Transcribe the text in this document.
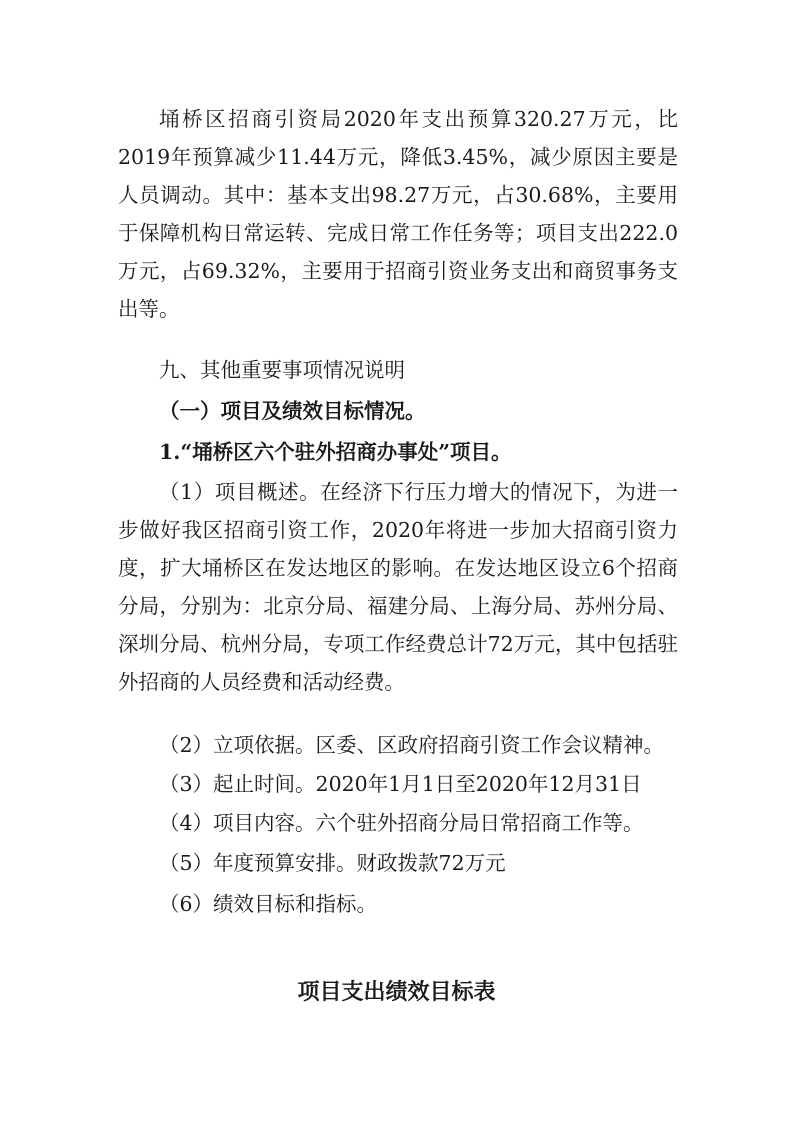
埇桥区招商引资局2020年支出预算320.27万元，比2019年预算减少11.44万元，降低3.45%，减少原因主要是人员调动。其中：基本支出98.27万元，占30.68%，主要用于保障机构日常运转、完成日常工作任务等；项目支出222.0万元，占69.32%，主要用于招商引资业务支出和商贸事务支出等。

九、其他重要事项情况说明

（一）项目及绩效目标情况。

1.“埇桥区六个驻外招商办事处”项目。

（1）项目概述。在经济下行压力增大的情况下，为进一步做好我区招商引资工作，2020年将进一步加大招商引资力度，扩大埇桥区在发达地区的影响。在发达地区设立6个招商分局，分别为：北京分局、福建分局、上海分局、苏州分局、深圳分局、杭州分局，专项工作经费总计72万元，其中包括驻外招商的人员经费和活动经费。

（2）立项依据。区委、区政府招商引资工作会议精神。

（3）起止时间。2020年1月1日至2020年12月31日

（4）项目内容。六个驻外招商分局日常招商工作等。

（5）年度预算安排。财政拨款72万元

（6）绩效目标和指标。

项目支出绩效目标表
